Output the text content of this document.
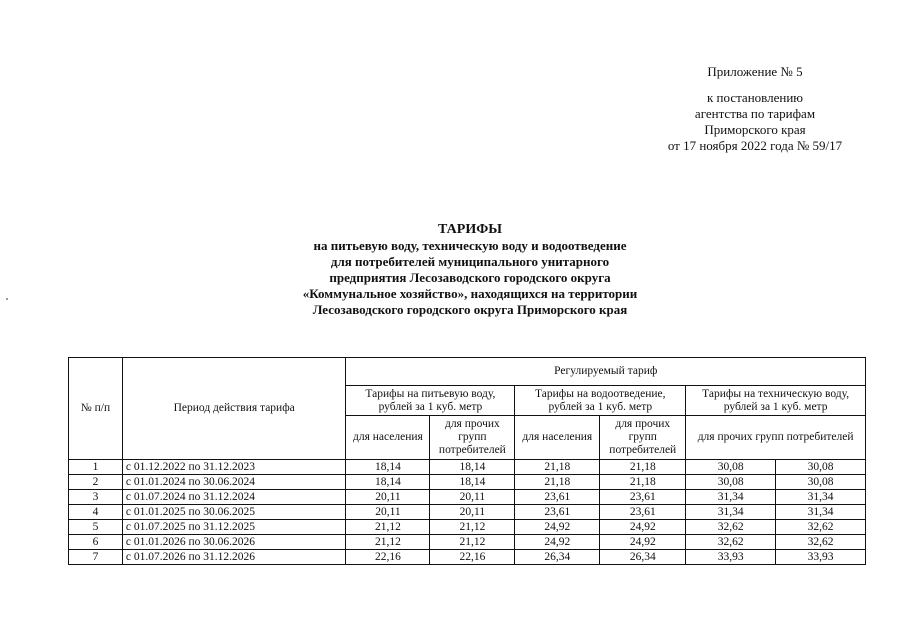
Приложение № 5
к постановлению
агентства по тарифам
Приморского края
от 17 ноября 2022 года № 59/17
ТАРИФЫ
на питьевую воду, техническую воду и водоотведение
для потребителей муниципального унитарного
предприятия Лесозаводского городского округа
«Коммунальное хозяйство», находящихся на территории
Лесозаводского городского округа Приморского края
№ п/п	Период действия тарифа	Регулируемый тариф					
		Тарифы на питьевую воду, рублей за 1 куб. метр		Тарифы на водоотведение, рублей за 1 куб. метр		Тарифы на техническую воду, рублей за 1 куб. метр	
		для населения	для прочих групп потребителей	для населения	для прочих групп потребителей	для прочих групп потребителей	
1	с 01.12.2022 по 31.12.2023	18,14	18,14	21,18	21,18	30,08	30,08
2	с 01.01.2024 по 30.06.2024	18,14	18,14	21,18	21,18	30,08	30,08
3	с 01.07.2024 по 31.12.2024	20,11	20,11	23,61	23,61	31,34	31,34
4	с 01.01.2025 по 30.06.2025	20,11	20,11	23,61	23,61	31,34	31,34
5	с 01.07.2025 по 31.12.2025	21,12	21,12	24,92	24,92	32,62	32,62
6	с 01.01.2026 по 30.06.2026	21,12	21,12	24,92	24,92	32,62	32,62
7	с 01.07.2026 по 31.12.2026	22,16	22,16	26,34	26,34	33,93	33,93
